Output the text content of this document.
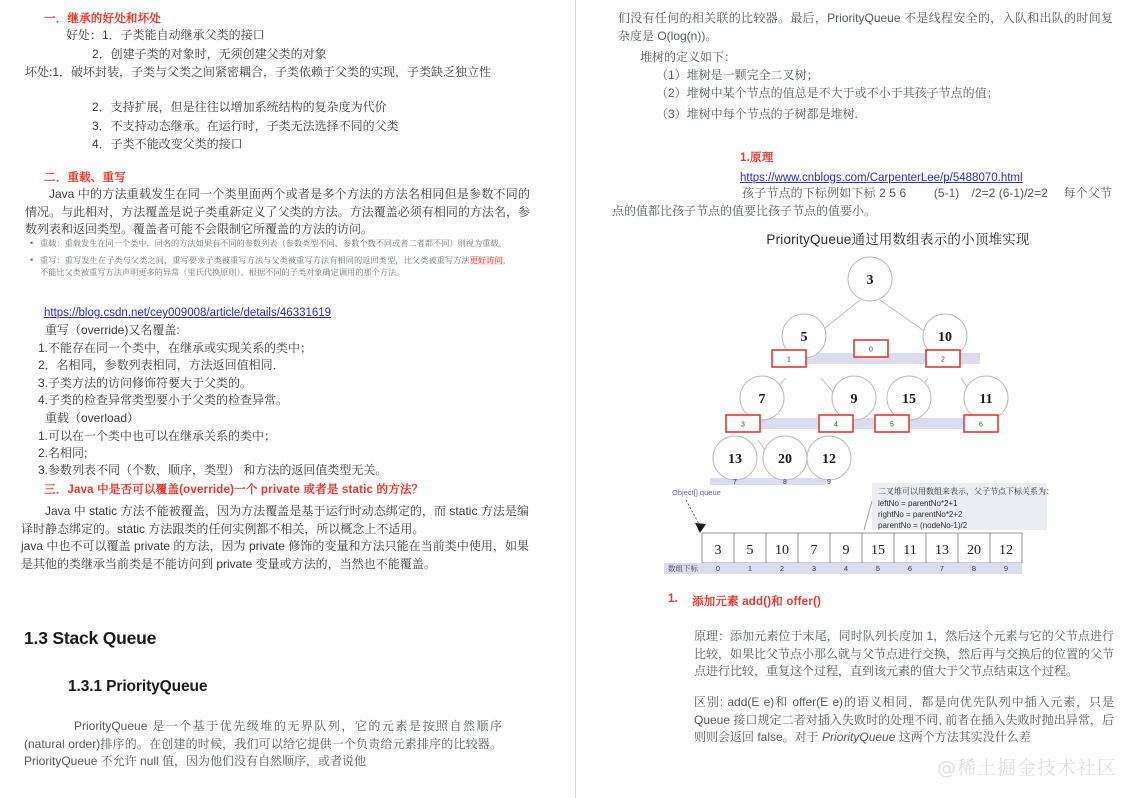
一．继承的好处和坏处
好处：1．子类能自动继承父类的接口
2．创建子类的对象时，无须创建父类的对象
坏处:1．破坏封装，子类与父类之间紧密耦合，子类依赖于父类的实现，子类缺乏独立性
2．支持扩展，但是往往以增加系统结构的复杂度为代价
3．不支持动态继承。在运行时，子类无法选择不同的父类
4．子类不能改变父类的接口
二．重载、重写
Java 中的方法重载发生在同一个类里面两个或者是多个方法的方法名相同但是参数不同的情况。与此相对，方法覆盖是说子类重新定义了父类的方法。方法覆盖必须有相同的方法名，参数列表和返回类型。覆盖者可能不会限制它所覆盖的方法的访问。
• 重载：重载发生在同一个类中，同名的方法如果有不同的参数列表（参数类型不同、参数个数不同或者二者都不同）则视为重载。
• 重写：重写发生在子类与父类之间，重写要求子类被重写方法与父类被重写方法有相同的返回类型，比父类被重写方法更好访问，不能比父类被重写方法声明更多的异常（里氏代换原则）。根据不同的子类对象确定调用的那个方法。
https://blog.csdn.net/cey009008/article/details/46331619
重写（override)又名覆盖:
1.不能存在同一个类中，在继承或实现关系的类中；
2．名相同，参数列表相同，方法返回值相同．
3.子类方法的访问修饰符要大于父类的。
4.子类的检查异常类型要小于父类的检查异常。
重载（overload）
1.可以在一个类中也可以在继承关系的类中；
2.名相同;
3.参数列表不同（个数，顺序，类型） 和方法的返回值类型无关。
三．Java 中是否可以覆盖(override)一个 private 或者是 static 的方法？
Java 中 static 方法不能被覆盖，因为方法覆盖是基于运行时动态绑定的，而 static 方法是编译时静态绑定的。static 方法跟类的任何实例都不相关，所以概念上不适用。
java 中也不可以覆盖 private 的方法，因为 private 修饰的变量和方法只能在当前类中使用，如果是其他的类继承当前类是不能访问到 private 变量或方法的，当然也不能覆盖。
1.3 Stack Queue
1.3.1 PriorityQueue
PriorityQueue 是一个基于优先级堆的无界队列，它的元素是按照自然顺序(natural order)排序的。在创建的时候，我们可以给它提供一个负责给元素排序的比较器。PriorityQueue 不允许 null 值，因为他们没有自然顺序，或者说他
们没有任何的相关联的比较器。最后，PriorityQueue 不是线程安全的，入队和出队的时间复杂度是 O(log(n))。
堆树的定义如下：
（1）堆树是一颗完全二叉树；
（2）堆树中某个节点的值总是不大于或不小于其孩子节点的值；
（3）堆树中每个节点的子树都是堆树.
1.原理
https://www.cnblogs.com/CarpenterLee/p/5488070.html
孩子节点的下标例如下标 2 5 6 　　(5-1)　/2=2 (6-1)/2=2　 每个父节点的值都比孩子节点的值要比孩子节点的值要小。
PriorityQueue通过用数组表示的小顶堆实现
3
0
5
1
10
2
7
3
9
4
15
5
11
6
13	20 12
7	8	9
二叉堆可以用数组来表示，父子节点下标关系为：
leftNo = parentNo*2+1
rightNo = parentNo*2+2
parentNo = (nodeNo-1)/2
Object[] queue
3 5 10 7 9 15 11 13 20 12
数组下标 0	1	2	3	4	5	6	7	8	9
1. 添加元素 add()和 offer()
原理：添加元素位于末尾，同时队列长度加 1，然后这个元素与它的父节点进行比较，如果比父节点小那么就与父节点进行交换，然后再与交换后的位置的父节点进行比较，重复这个过程，直到该元素的值大于父节点结束这个过程。
区别: add(E e)和 offer(E e)的语义相同，都是向优先队列中插入元素，只是 Queue 接口规定二者对插入失败时的处理不同, 前者在插入失败时抛出异常，后则则会返回 false。对于 PriorityQueue 这两个方法其实没什么差
@稀土掘金技术社区
